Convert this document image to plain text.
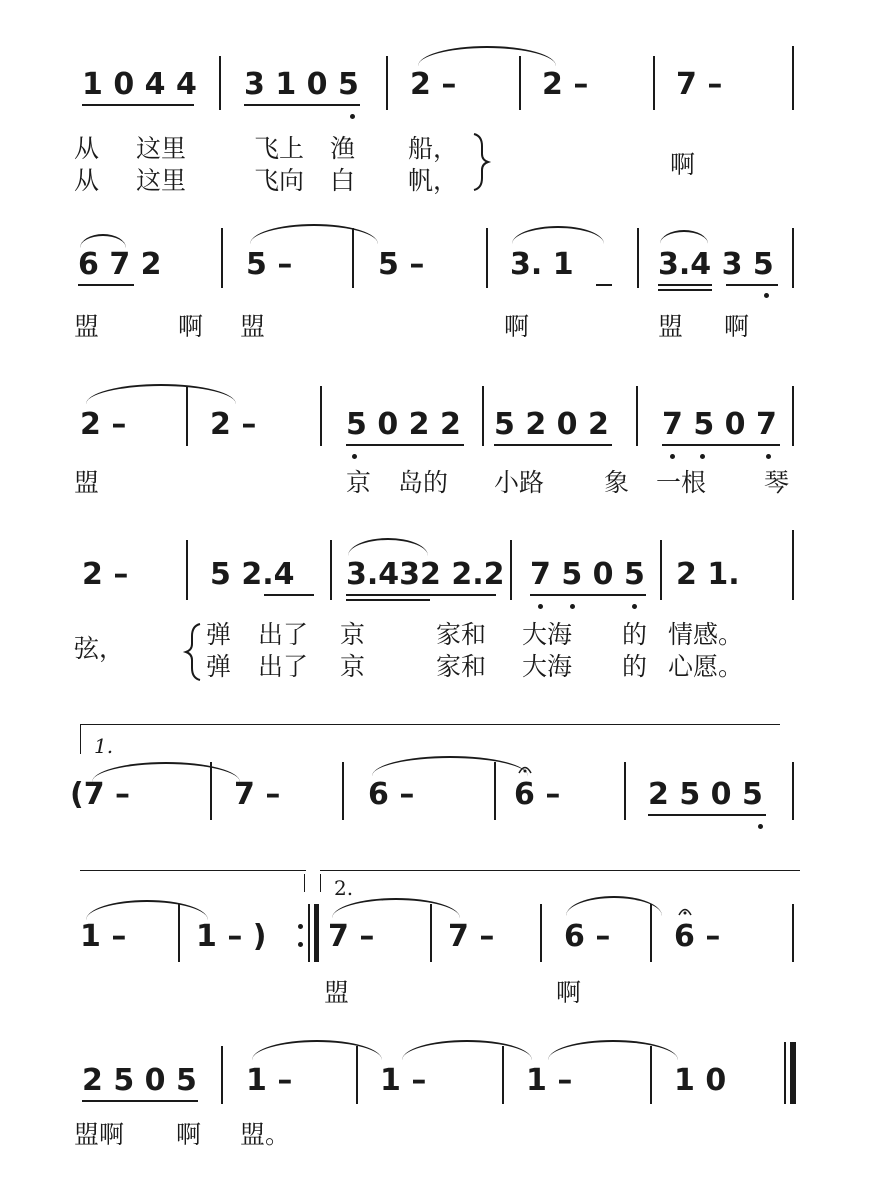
1 0 4 4 3 1 0 5 2 –	2 –	7 –
从 这里	飞上 渔 船，
从 这里	飞向 白 帆，
啊
6 7 2	5 –	5 –	3. 1	3.4 3 5
盟	啊 盟	啊	盟 啊
2 –	2 –	5 0 2 2 5 2 0 2 7 5 0 7
盟	京 岛的 小路 象 一根 琴
2 –	5 2.4 3.432 2.2 7 5 0 5 2 1.
弦，	弹 出了 京	家和 大海 的 情感。
弹 出了 京	家和 大海 的 心愿。
1.
(7 –	7 –	6 –	6 –	2 5 0 5
2.
1 – 1 – ) 7 – 7 – 6 – 6 –
盟	啊
2 5 0 5 1 –	1 –	1 –	1 0
盟啊 啊 盟。
